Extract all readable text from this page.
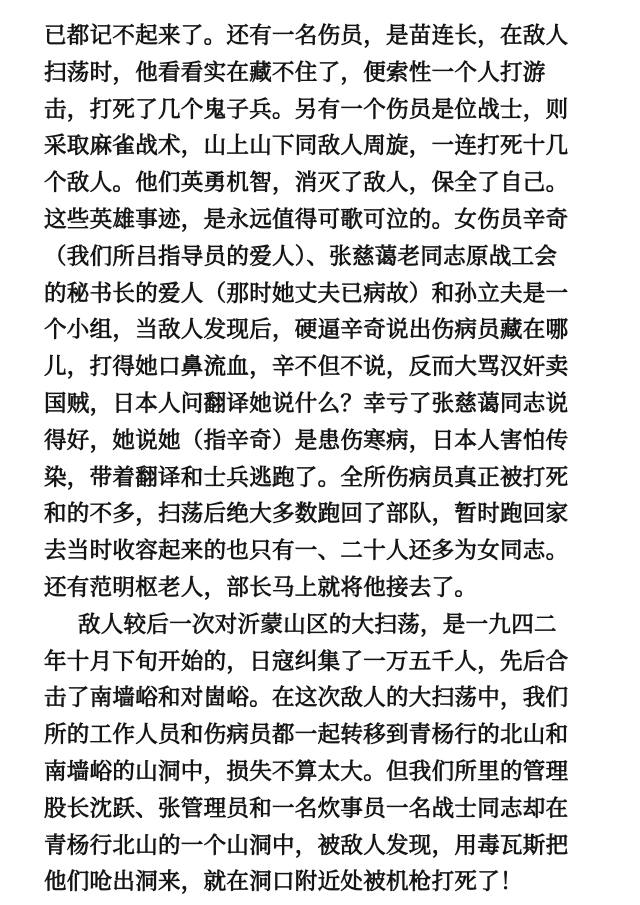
已都记不起来了。还有一名伤员，是苗连长，在敌人
扫荡时，他看看实在藏不住了，便索性一个人打游
击，打死了几个鬼子兵。另有一个伤员是位战士，则
采取麻雀战术，山上山下同敌人周旋，一连打死十几
个敌人。他们英勇机智，消灭了敌人，保全了自己。
这些英雄事迹，是永远值得可歌可泣的。女伤员辛奇
（我们所吕指导员的爱人）、张慈蔼老同志原战工会
的秘书长的爱人（那时她丈夫已病故）和孙立夫是一
个小组，当敌人发现后，硬逼辛奇说出伤病员藏在哪
儿，打得她口鼻流血，辛不但不说，反而大骂汉奸卖
国贼，日本人问翻译她说什么？幸亏了张慈蔼同志说
得好，她说她（指辛奇）是患伤寒病，日本人害怕传
染，带着翻译和士兵逃跑了。全所伤病员真正被打死
和的不多，扫荡后绝大多数跑回了部队，暂时跑回家
去当时收容起来的也只有一、二十人还多为女同志。
还有范明枢老人，部长马上就将他接去了。
敌人较后一次对沂蒙山区的大扫荡，是一九四二
年十月下旬开始的，日寇纠集了一万五千人，先后合
击了南墙峪和对崮峪。在这次敌人的大扫荡中，我们
所的工作人员和伤病员都一起转移到青杨行的北山和
南墙峪的山洞中，损失不算太大。但我们所里的管理
股长沈跃、张管理员和一名炊事员一名战士同志却在
青杨行北山的一个山洞中，被敌人发现，用毒瓦斯把
他们呛出洞来，就在洞口附近处被机枪打死了！
